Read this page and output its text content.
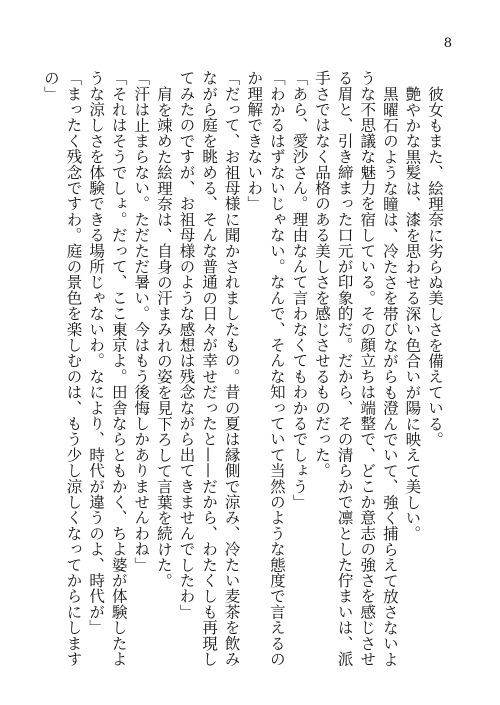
8

彼女もまた、絵理奈に劣らぬ美しさを備えている。

艶やかな黒髪は、漆を思わせる深い色合いが陽に映えて美しい。

黒曜石のような瞳は、冷たさを帯びながらも澄んでいて、強く捕らえて放さないような不思議な魅力を宿している。その顔立ちは端整で、どこか意志の強さを感じさせる眉と、引き締まった口元が印象的だ。だから、その清らかで凛とした佇まいは、派手さではなく品格のある美しさを感じさせるものだった。

「あら、愛沙さん。理由なんて言わなくてもわかるでしょう」

「わかるはずないじゃない。なんで、そんな知っていて当然のような態度で言えるのか理解できないわ」

「だって、お祖母様に聞かされましたもの。昔の夏は縁側で涼み、冷たい麦茶を飲みながら庭を眺める、そんな普通の日々が幸せだったと——だから、わたくしも再現してみたのですが、お祖母様のような感想は残念ながら出てきませんでしたわ」

肩を竦めた絵理奈は、自身の汗まみれの姿を見下ろして言葉を続けた。

「汗は止まらない。ただただ暑い。今はもう後悔しかありませんわね」

「それはそうでしょ。だって、ここ東京よ。田舎ならともかく、ちよ婆が体験したような涼しさを体験できる場所じゃないわ。なにより、時代が違うのよ、時代が」

「まったく残念ですわ。庭の景色を楽しむのは、もう少し涼しくなってからにしますの」
